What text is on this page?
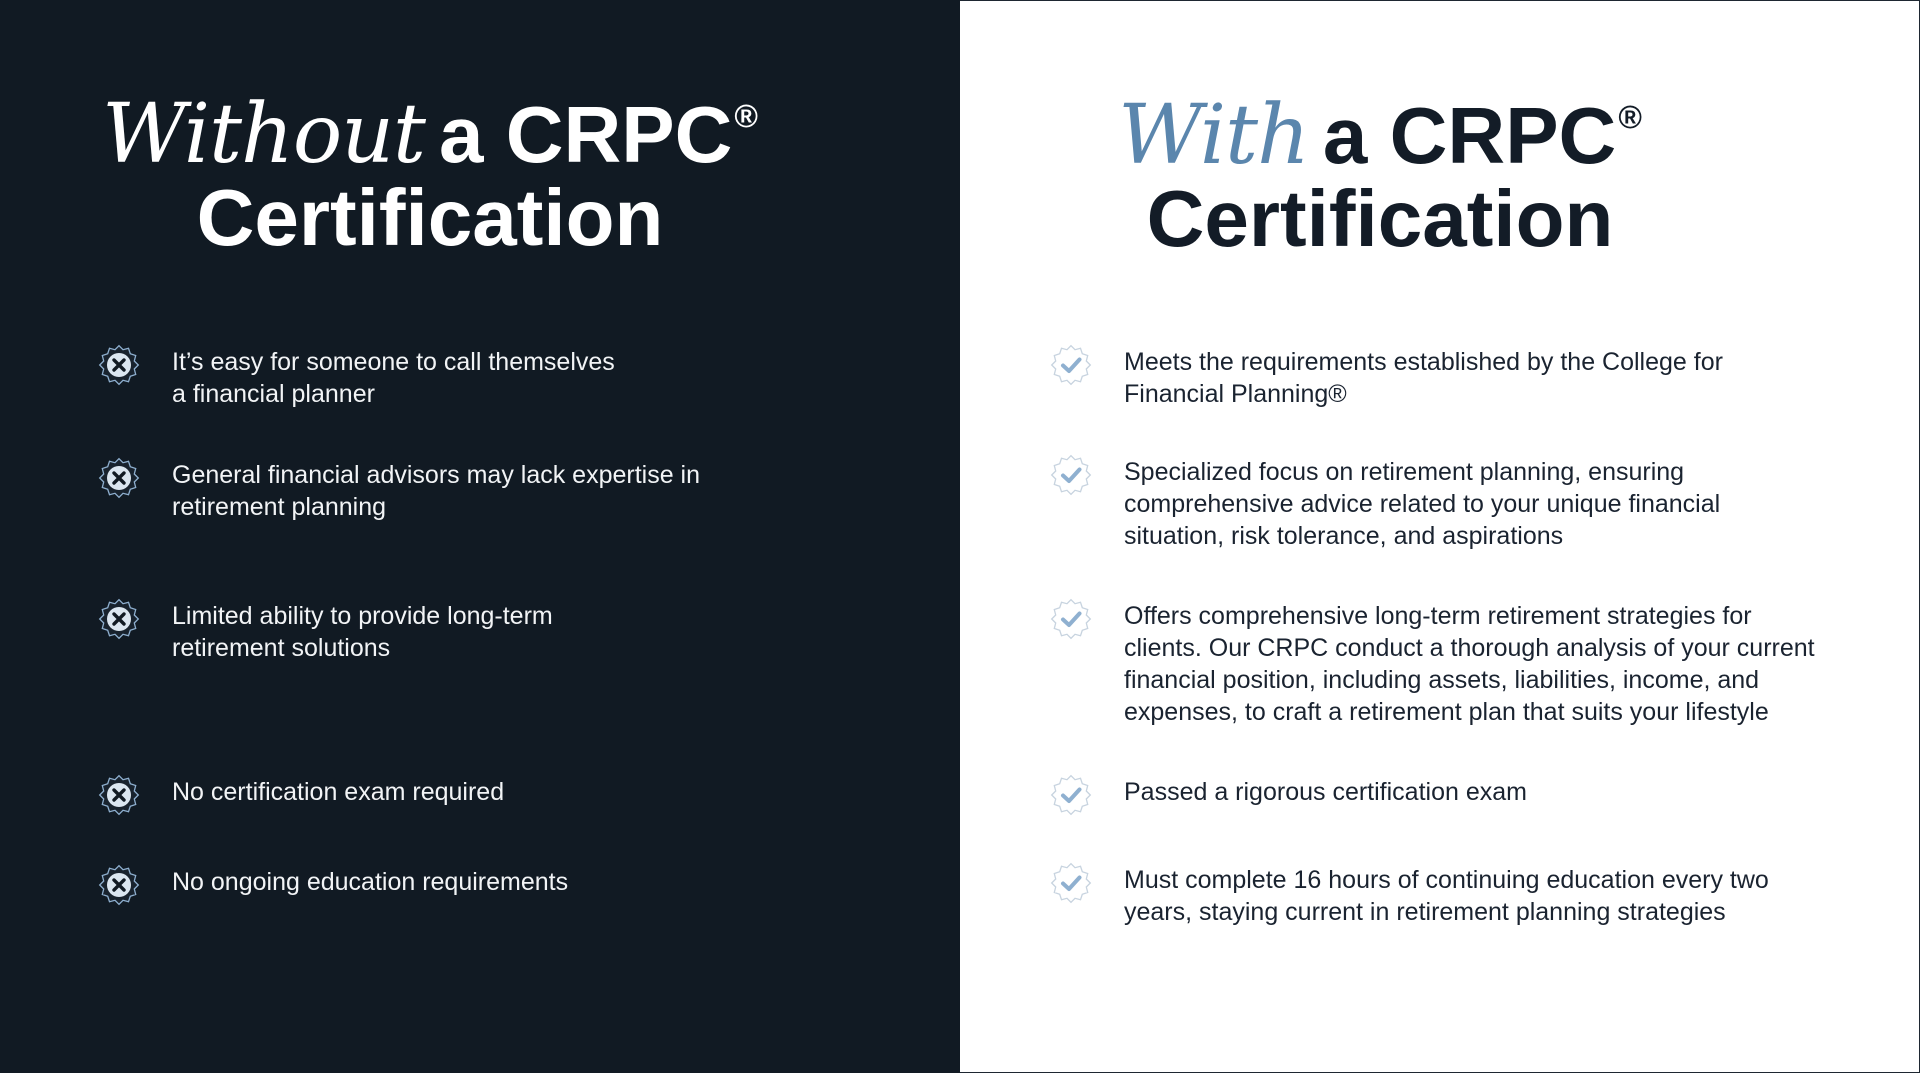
Without a CRPC®
Certification
It’s easy for someone to call themselves
a financial planner
General financial advisors may lack expertise in
retirement planning
Limited ability to provide long-term
retirement solutions
No certification exam required
No ongoing education requirements
With a CRPC®
Certification
Meets the requirements established by the College for
Financial Planning®
Specialized focus on retirement planning, ensuring
comprehensive advice related to your unique financial
situation, risk tolerance, and aspirations
Offers comprehensive long-term retirement strategies for
clients. Our CRPC conduct a thorough analysis of your current
financial position, including assets, liabilities, income, and
expenses, to craft a retirement plan that suits your lifestyle
Passed a rigorous certification exam
Must complete 16 hours of continuing education every two
years, staying current in retirement planning strategies
